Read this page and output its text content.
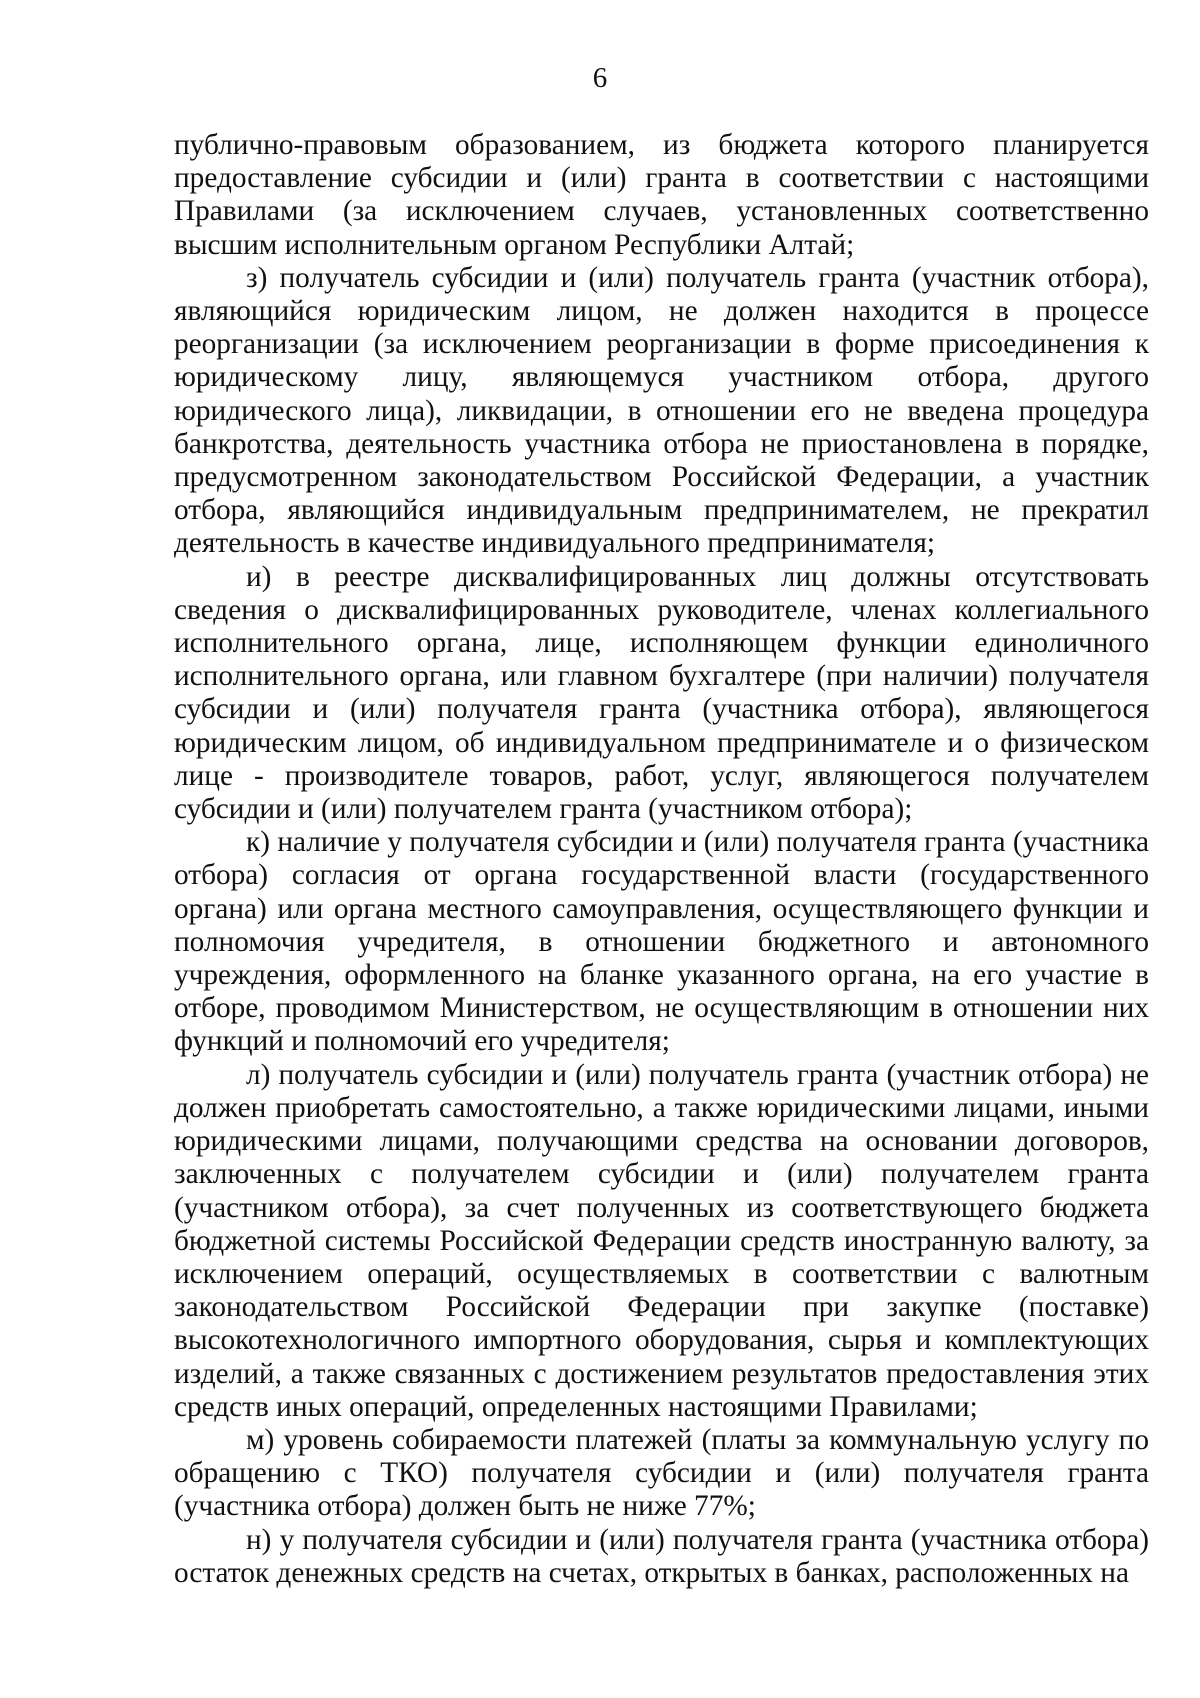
6

публично-правовым образованием, из бюджета которого планируется предоставление субсидии и (или) гранта в соответствии с настоящими Правилами (за исключением случаев, установленных соответственно высшим исполнительным органом Республики Алтай;

з) получатель субсидии и (или) получатель гранта (участник отбора), являющийся юридическим лицом, не должен находится в процессе реорганизации (за исключением реорганизации в форме присоединения к юридическому лицу, являющемуся участником отбора, другого юридического лица), ликвидации, в отношении его не введена процедура банкротства, деятельность участника отбора не приостановлена в порядке, предусмотренном законодательством Российской Федерации, а участник отбора, являющийся индивидуальным предпринимателем, не прекратил деятельность в качестве индивидуального предпринимателя;

и) в реестре дисквалифицированных лиц должны отсутствовать сведения о дисквалифицированных руководителе, членах коллегиального исполнительного органа, лице, исполняющем функции единоличного исполнительного органа, или главном бухгалтере (при наличии) получателя субсидии и (или) получателя гранта (участника отбора), являющегося юридическим лицом, об индивидуальном предпринимателе и о физическом лице - производителе товаров, работ, услуг, являющегося получателем субсидии и (или) получателем гранта (участником отбора);

к) наличие у получателя субсидии и (или) получателя гранта (участника отбора) согласия от органа государственной власти (государственного органа) или органа местного самоуправления, осуществляющего функции и полномочия учредителя, в отношении бюджетного и автономного учреждения, оформленного на бланке указанного органа, на его участие в отборе, проводимом Министерством, не осуществляющим в отношении них функций и полномочий его учредителя;

л) получатель субсидии и (или) получатель гранта (участник отбора) не должен приобретать самостоятельно, а также юридическими лицами, иными юридическими лицами, получающими средства на основании договоров, заключенных с получателем субсидии и (или) получателем гранта (участником отбора), за счет полученных из соответствующего бюджета бюджетной системы Российской Федерации средств иностранную валюту, за исключением операций, осуществляемых в соответствии с валютным законодательством Российской Федерации при закупке (поставке) высокотехнологичного импортного оборудования, сырья и комплектующих изделий, а также связанных с достижением результатов предоставления этих средств иных операций, определенных настоящими Правилами;

м) уровень собираемости платежей (платы за коммунальную услугу по обращению с ТКО) получателя субсидии и (или) получателя гранта (участника отбора) должен быть не ниже 77%;

н) у получателя субсидии и (или) получателя гранта (участника отбора) остаток денежных средств на счетах, открытых в банках, расположенных на
